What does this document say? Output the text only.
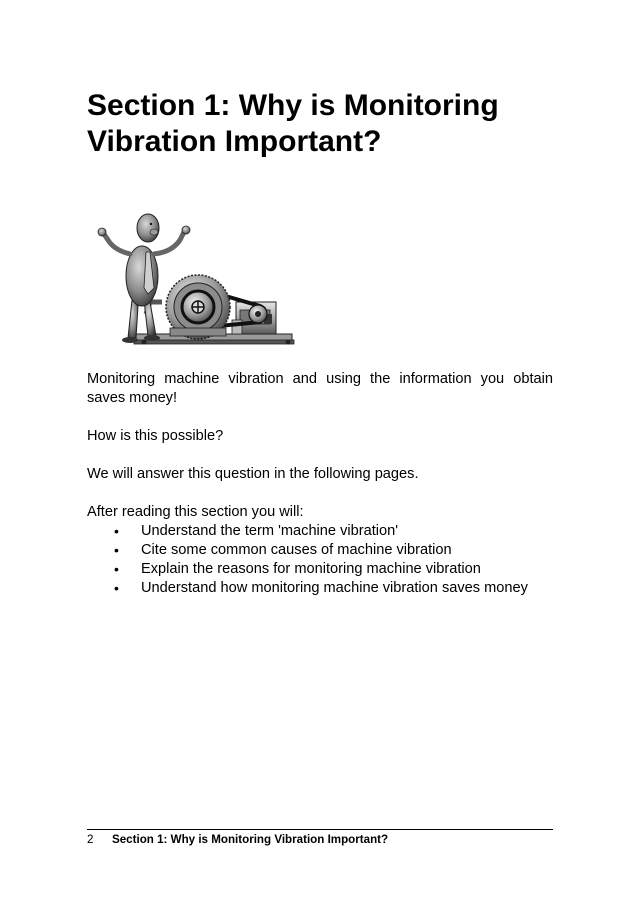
Section 1: Why is Monitoring
Vibration Important?

Monitoring machine vibration and using the information you obtain saves money!

How is this possible?

We will answer this question in the following pages.

After reading this section you will:

• Understand the term 'machine vibration'
• Cite some common causes of machine vibration
• Explain the reasons for monitoring machine vibration
• Understand how monitoring machine vibration saves money
2 Section 1: Why is Monitoring Vibration Important?
